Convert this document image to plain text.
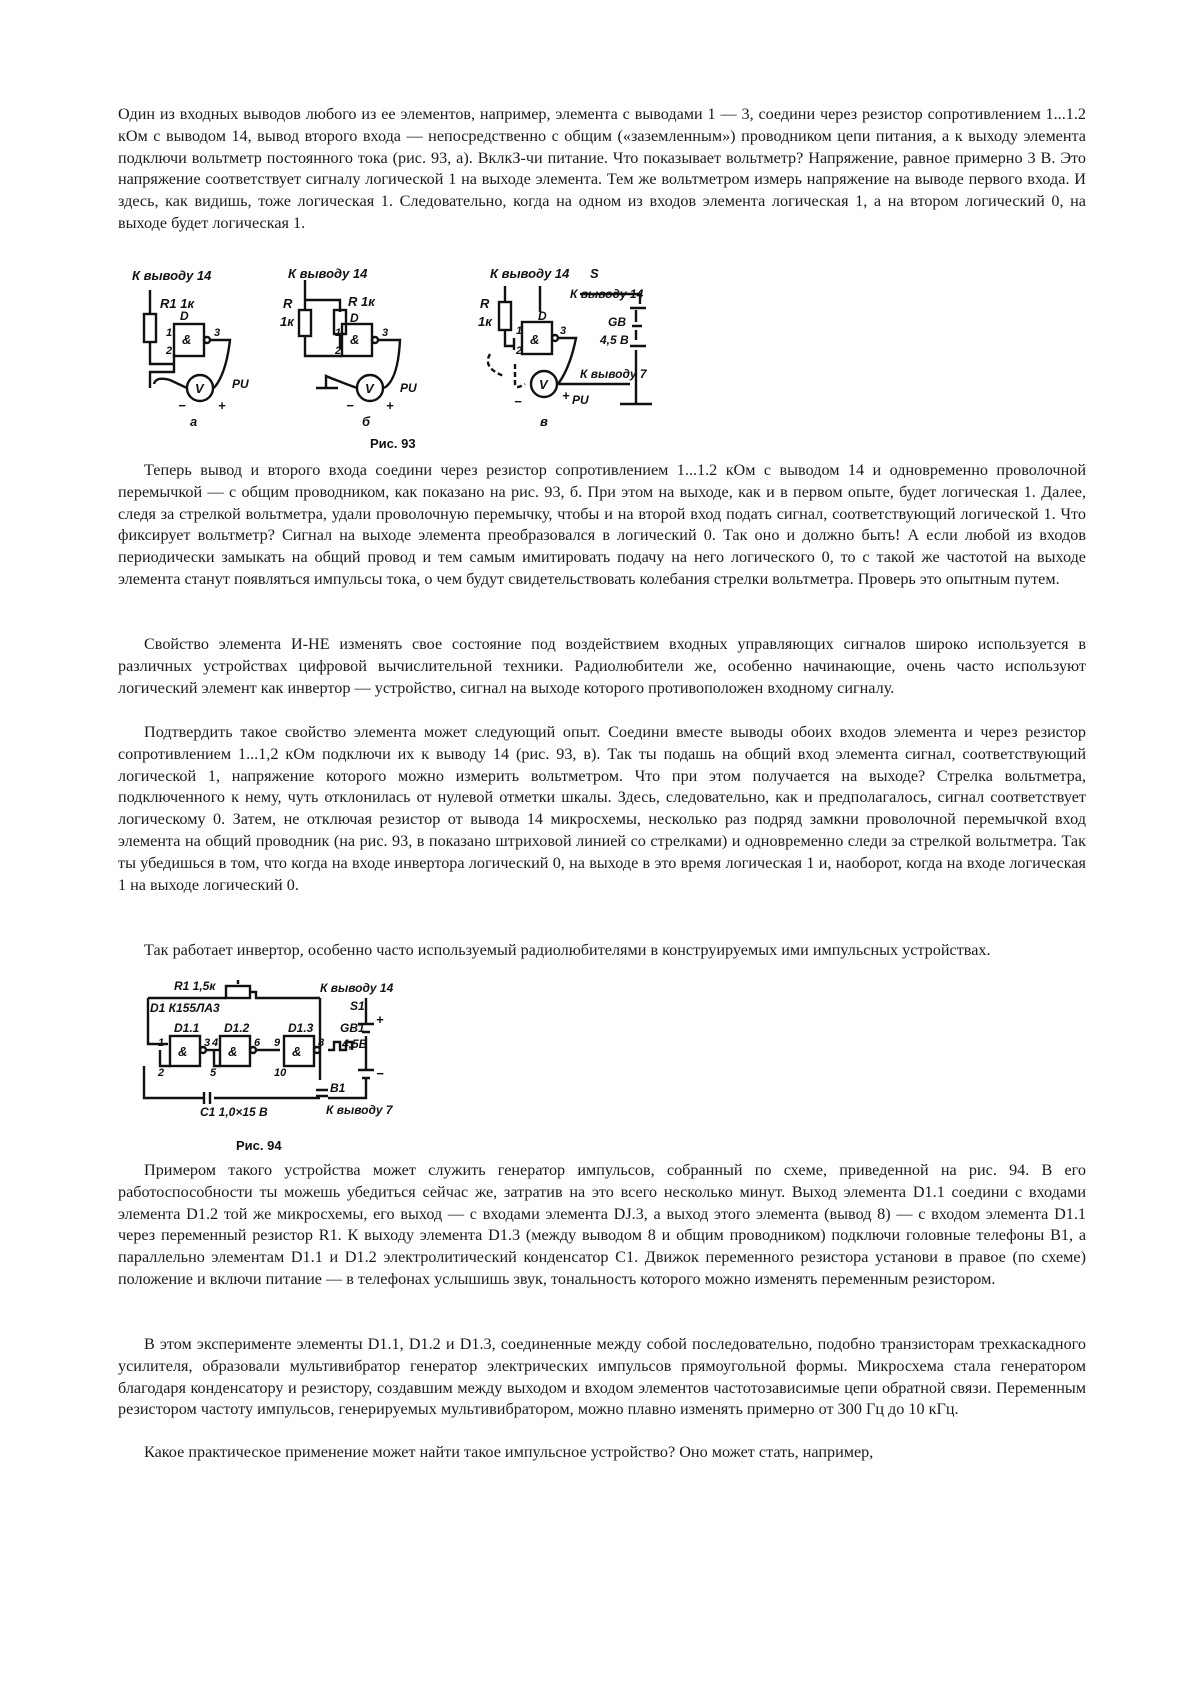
Один из входных выводов любого из ее элементов, например, элемента с выводами 1 — 3, соедини через резистор сопротивлением 1...1.2 кОм с выводом 14, вывод второго входа — непосредственно с общим («заземленным») проводником цепи питания, а к выходу элемента подключи вольтметр постоянного тока (рис. 93, а). ВклкЗ-чи питание. Что показывает вольтметр? Напряжение, равное примерно 3 В. Это напряжение соответствует сигналу логической 1 на выходе элемента. Тем же вольтметром измерь напряжение на выводе первого входа. И здесь, как видишь, тоже логическая 1. Следовательно, когда на одном из входов элемента логическая 1, а на втором логический 0, на выходе будет логическая 1.

К выводу 14
R1 1к
D
&
1
2
3
V PU
− +
а
К выводу 14
R
1к
R 1к
D
&
1
2
3
V PU
− +
б
К выводу 14 S
R
1к	D
&
1
2
3
К выводу 14
GB
4,5 В
К выводу 7
V
PU
−	+
в
Рис. 93

Теперь вывод и второго входа соедини через резистор сопротивлением 1...1.2 кОм с выводом 14 и одновременно проволочной перемычкой — с общим проводником, как показано на рис. 93, б. При этом на выходе, как и в первом опыте, будет логическая 1. Далее, следя за стрелкой вольтметра, удали проволочную перемычку, чтобы и на второй вход подать сигнал, соответствующий логической 1. Что фиксирует вольтметр? Сигнал на выходе элемента преобразовался в логический 0. Так оно и должно быть! А если любой из входов периодически замыкать на общий провод и тем самым имитировать подачу на него логического 0, то с такой же частотой на выходе элемента станут появляться импульсы тока, о чем будут свидетельствовать колебания стрелки вольтметра. Проверь это опытным путем.

Свойство элемента И-НЕ изменять свое состояние под воздействием входных управляющих сигналов широко используется в различных устройствах цифровой вычислительной техники. Радиолюбители же, особенно начинающие, очень часто используют логический элемент как инвертор — устройство, сигнал на выходе которого противоположен входному сигналу.

Подтвердить такое свойство элемента может следующий опыт. Соедини вместе выводы обоих входов элемента и через резистор сопротивлением 1...1,2 кОм подключи их к выводу 14 (рис. 93, в). Так ты подашь на общий вход элемента сигнал, соответствующий логической 1, напряжение которого можно измерить вольтметром. Что при этом получается на выходе? Стрелка вольтметра, подключенного к нему, чуть отклонилась от нулевой отметки шкалы. Здесь, следовательно, как и предполагалось, сигнал соответствует логическому 0. Затем, не отключая резистор от вывода 14 микросхемы, несколько раз подряд замкни проволочной перемычкой вход элемента на общий проводник (на рис. 93, в показано штриховой линией со стрелками) и одновременно следи за стрелкой вольтметра. Так ты убедишься в том, что когда на входе инвертора логический 0, на выходе в это время логическая 1 и, наоборот, когда на входе логическая 1 на выходе логический 0.

Так работает инвертор, особенно часто используемый радиолюбителями в конструируемых ими импульсных устройствах.

R1 1,5к
D1 К155ЛА3
D1.1 D1.2	D1.3
&	&	&
1
2
3 4
5
6 9
10
8
К выводу 14
S1
GB1
4,5В
+
−
B1
К выводу 7
C1 1,0×15 В
Рис. 94

Примером такого устройства может служить генератор импульсов, собранный по схеме, приведенной на рис. 94. В его работоспособности ты можешь убедиться сейчас же, затратив на это всего несколько минут. Выход элемента D1.1 соедини с входами элемента D1.2 той же микросхемы, его выход — с входами элемента DJ.3, а выход этого элемента (вывод 8) — с входом элемента D1.1 через переменный резистор R1. К выходу элемента D1.3 (между выводом 8 и общим проводником) подключи головные телефоны B1, а параллельно элементам D1.1 и D1.2 электролитический конденсатор С1. Движок переменного резистора установи в правое (по схеме) положение и включи питание — в телефонах услышишь звук, тональность которого можно изменять переменным резистором.

В этом эксперименте элементы D1.1, D1.2 и D1.3, соединенные между собой последовательно, подобно транзисторам трехкаскадного усилителя, образовали мультивибратор генератор электрических импульсов прямоугольной формы. Микросхема стала генератором благодаря конденсатору и резистору, создавшим между выходом и входом элементов частотозависимые цепи обратной связи. Переменным резистором частоту импульсов, генерируемых мультивибратором, можно плавно изменять примерно от 300 Гц до 10 кГц.

Какое практическое применение может найти такое импульсное устройство? Оно может стать, например,
